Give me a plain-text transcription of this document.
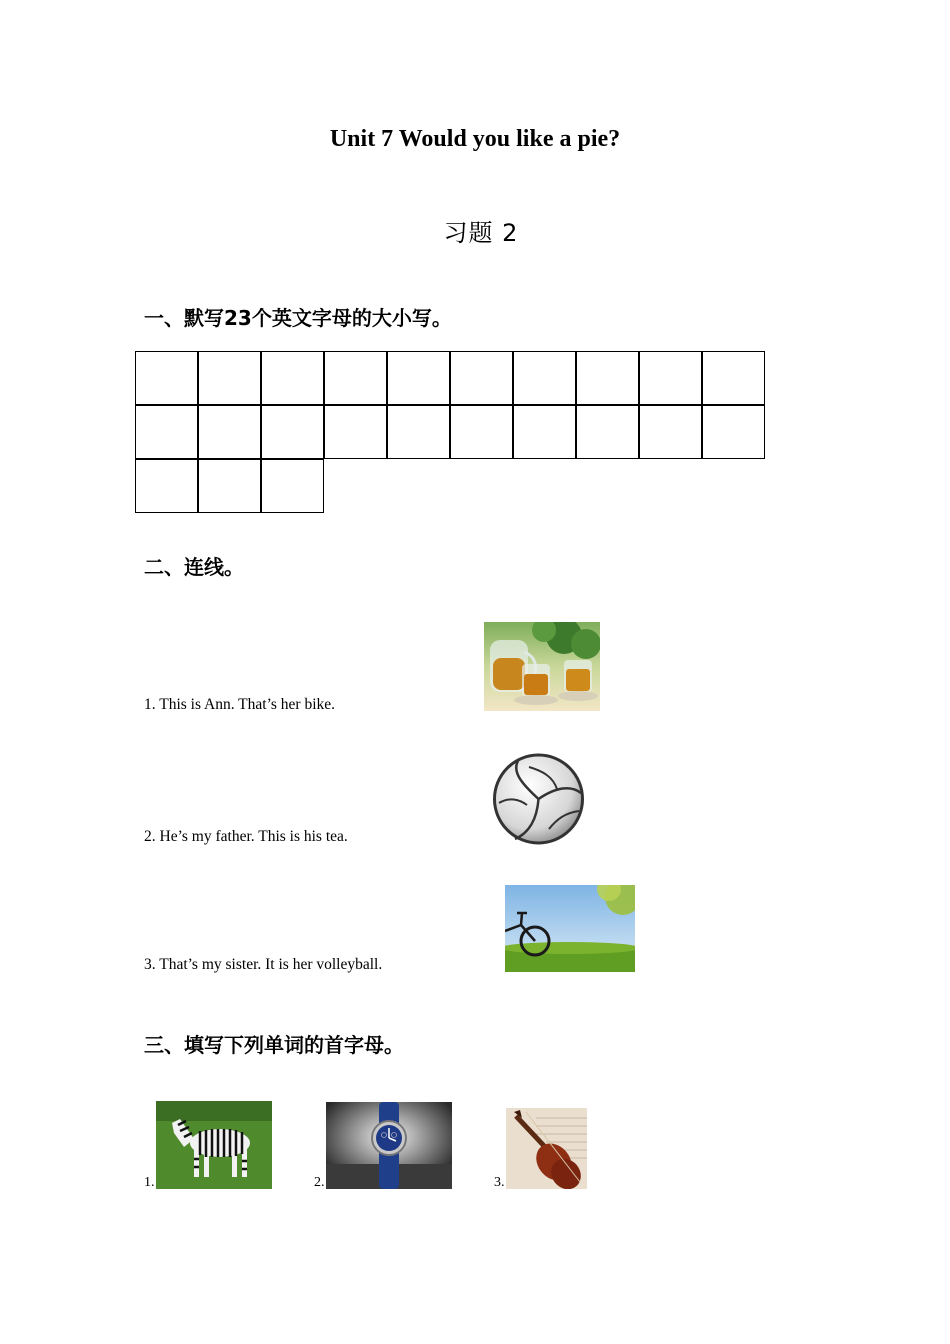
Unit 7 Would you like a pie?
习题 2
一、默写23个英文字母的大小写。
二、连线。
1. This is Ann. That’s her bike.
2. He’s my father. This is his tea.
3. That’s my sister. It is her volleyball.
三、填写下列单词的首字母。
1.	2.	3.
